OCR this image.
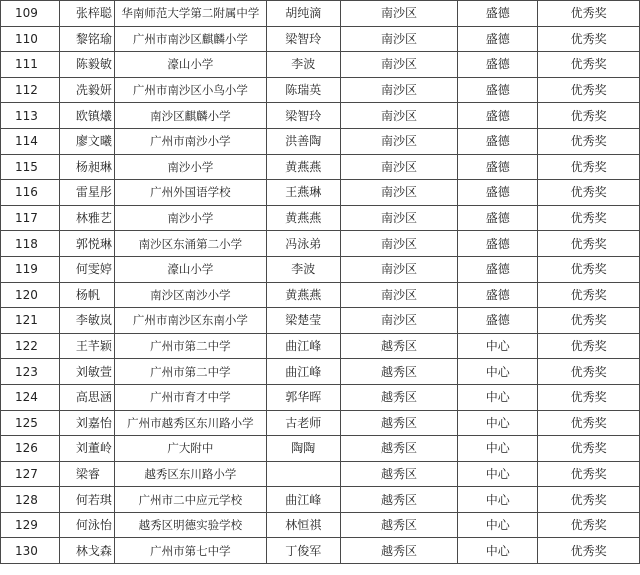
109	张梓聪	华南师范大学第二附属中学	胡纯滴	南沙区	盛德	优秀奖
110	黎铭瑜	广州市南沙区麒麟小学	梁智玲	南沙区	盛德	优秀奖
111	陈毅敏	濠山小学	李波	南沙区	盛德	优秀奖
112	冼毅妍	广州市南沙区小鸟小学	陈瑞英	南沙区	盛德	优秀奖
113	欧镇爔	南沙区麒麟小学	梁智玲	南沙区	盛德	优秀奖
114	廖文曦	广州市南沙小学	洪善陶	南沙区	盛德	优秀奖
115	杨昶琳	南沙小学	黄燕燕	南沙区	盛德	优秀奖
116	雷星彤	广州外国语学校	王燕琳	南沙区	盛德	优秀奖
117	林雅艺	南沙小学	黄燕燕	南沙区	盛德	优秀奖
118	郭悦琳	南沙区东涌第二小学	冯泳弟	南沙区	盛德	优秀奖
119	何雯婷	濠山小学	李波	南沙区	盛德	优秀奖
120	杨帆	南沙区南沙小学	黄燕燕	南沙区	盛德	优秀奖
121	李敏岚	广州市南沙区东南小学	梁楚莹	南沙区	盛德	优秀奖
122	王芊颖	广州市第二中学	曲江峰	越秀区	中心	优秀奖
123	刘敏萱	广州市第二中学	曲江峰	越秀区	中心	优秀奖
124	高思涵	广州市育才中学	郭华晖	越秀区	中心	优秀奖
125	刘嘉怡	广州市越秀区东川路小学	古老师	越秀区	中心	优秀奖
126	刘董岭	广大附中	陶陶	越秀区	中心	优秀奖
127	梁睿	越秀区东川路小学		越秀区	中心	优秀奖
128	何若琪	广州市二中应元学校	曲江峰	越秀区	中心	优秀奖
129	何泳怡	越秀区明德实验学校	林恒祺	越秀区	中心	优秀奖
130	林戈森	广州市第七中学	丁俊军	越秀区	中心	优秀奖
